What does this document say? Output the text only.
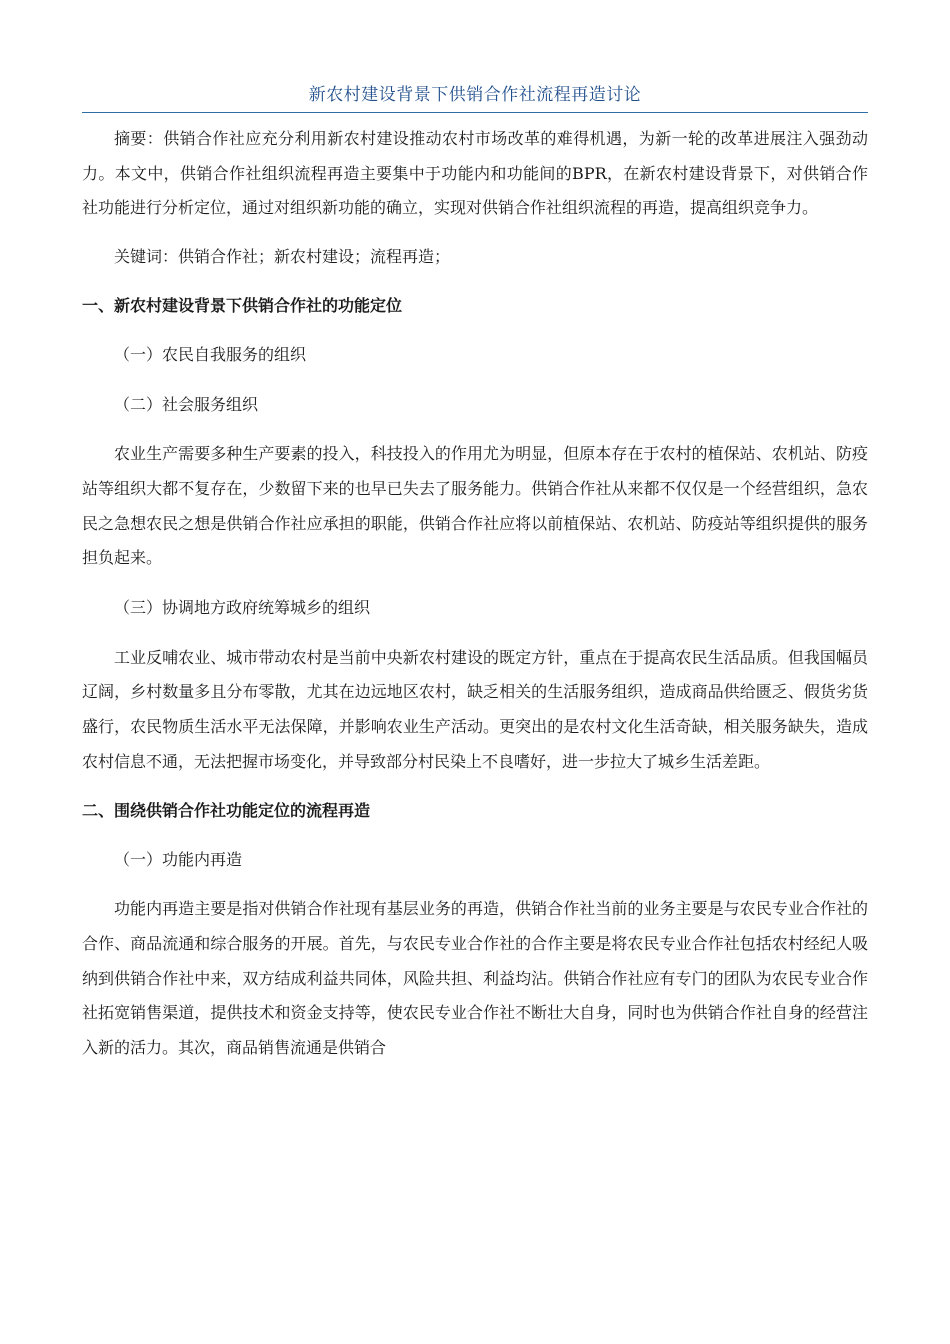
新农村建设背景下供销合作社流程再造讨论

摘要：供销合作社应充分利用新农村建设推动农村市场改革的难得机遇，为新一轮的改革进展注入强劲动力。本文中，供销合作社组织流程再造主要集中于功能内和功能间的BPR，在新农村建设背景下，对供销合作社功能进行分析定位，通过对组织新功能的确立，实现对供销合作社组织流程的再造，提高组织竞争力。

关键词：供销合作社；新农村建设；流程再造；

一、新农村建设背景下供销合作社的功能定位

（一）农民自我服务的组织

（二）社会服务组织

农业生产需要多种生产要素的投入，科技投入的作用尤为明显，但原本存在于农村的植保站、农机站、防疫站等组织大都不复存在，少数留下来的也早已失去了服务能力。供销合作社从来都不仅仅是一个经营组织，急农民之急想农民之想是供销合作社应承担的职能，供销合作社应将以前植保站、农机站、防疫站等组织提供的服务担负起来。

（三）协调地方政府统筹城乡的组织

工业反哺农业、城市带动农村是当前中央新农村建设的既定方针，重点在于提高农民生活品质。但我国幅员辽阔，乡村数量多且分布零散，尤其在边远地区农村，缺乏相关的生活服务组织，造成商品供给匮乏、假货劣货盛行，农民物质生活水平无法保障，并影响农业生产活动。更突出的是农村文化生活奇缺，相关服务缺失，造成农村信息不通，无法把握市场变化，并导致部分村民染上不良嗜好，进一步拉大了城乡生活差距。

二、围绕供销合作社功能定位的流程再造

（一）功能内再造

功能内再造主要是指对供销合作社现有基层业务的再造，供销合作社当前的业务主要是与农民专业合作社的合作、商品流通和综合服务的开展。首先，与农民专业合作社的合作主要是将农民专业合作社包括农村经纪人吸纳到供销合作社中来，双方结成利益共同体，风险共担、利益均沾。供销合作社应有专门的团队为农民专业合作社拓宽销售渠道，提供技术和资金支持等，使农民专业合作社不断壮大自身，同时也为供销合作社自身的经营注入新的活力。其次，商品销售流通是供销合
